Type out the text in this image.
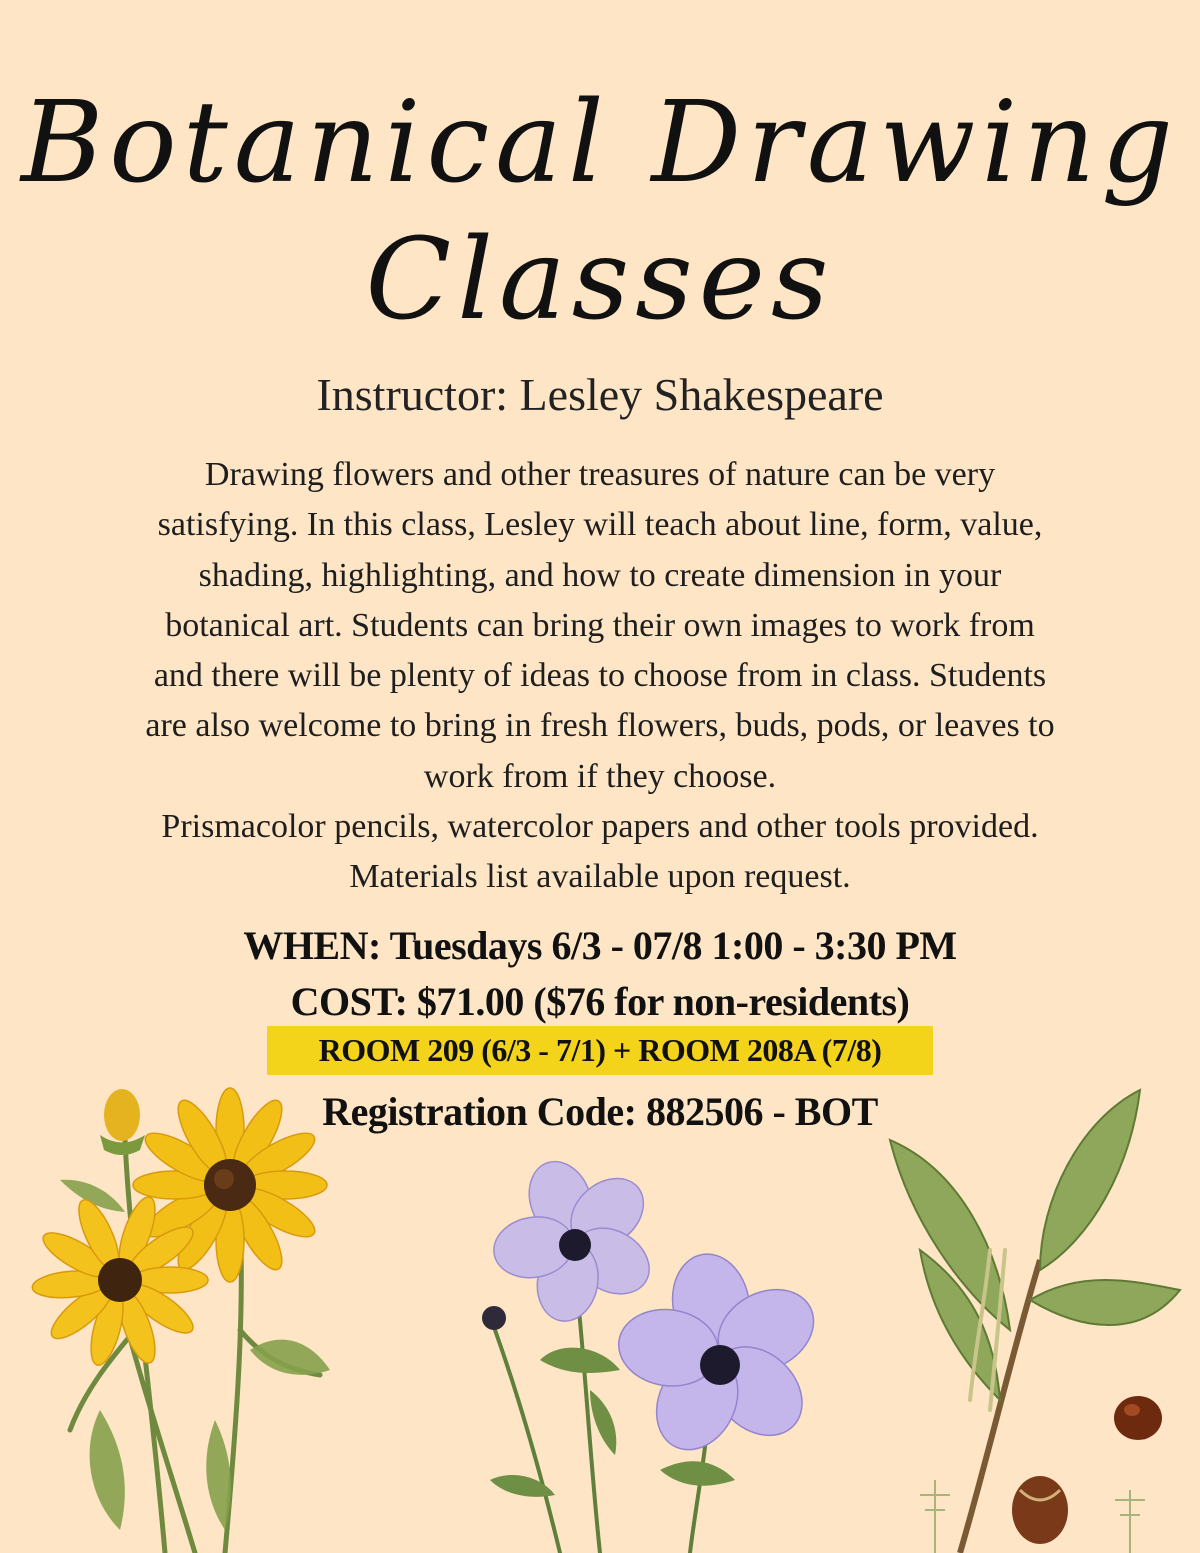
Botanical Drawing
Classes
Instructor: Lesley Shakespeare

Drawing flowers and other treasures of nature can be very

satisfying. In this class, Lesley will teach about line, form, value,

shading, highlighting, and how to create dimension in your

botanical art. Students can bring their own images to work from

and there will be plenty of ideas to choose from in class. Students

are also welcome to bring in fresh flowers, buds, pods, or leaves to

work from if they choose.

Prismacolor pencils, watercolor papers and other tools provided.

Materials list available upon request.

WHEN: Tuesdays 6/3 - 07/8 1:00 - 3:30 PM
COST: $71.00 ($76 for non-residents)
ROOM 209 (6/3 - 7/1) + ROOM 208A (7/8)
Registration Code: 882506 - BOT
